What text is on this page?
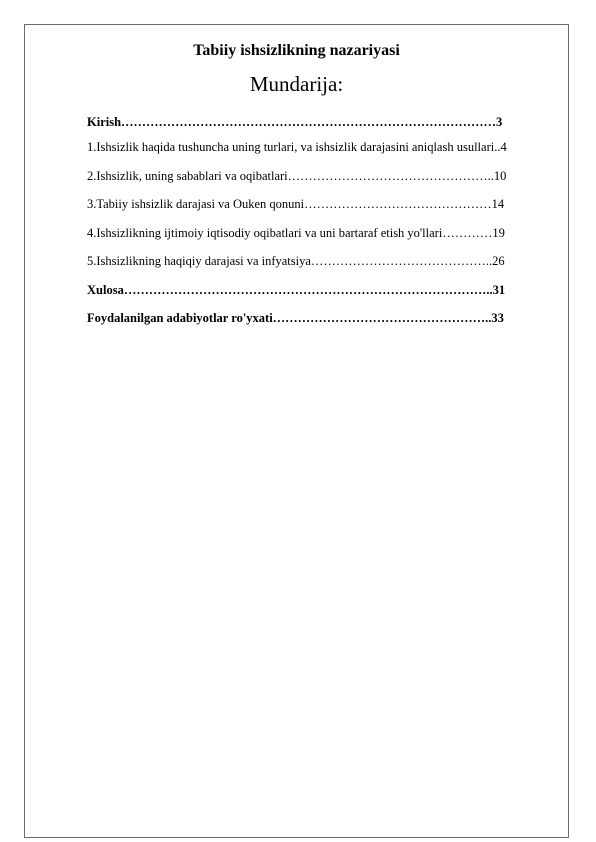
Tabiiy ishsizlikning nazariyasi
Mundarija:
Kirish………………………………………………………………………………3
1.Ishsizlik haqida tushuncha uning turlari, va ishsizlik darajasini aniqlash usullari..4
2.Ishsizlik, uning sabablari va oqibatlari…………………………………………..10
3.Tabiiy ishsizlik darajasi va Ouken qonuni………………………………………14
4.Ishsizlikning ijtimoiy iqtisodiy oqibatlari va uni bartaraf etish yo'llari…………19
5.Ishsizlikning haqiqiy darajasi va infyatsiya……………………………………..26
Xulosa……………………………………………………………………………..31
Foydalanilgan adabiyotlar ro'yxati……………………………………………..33
